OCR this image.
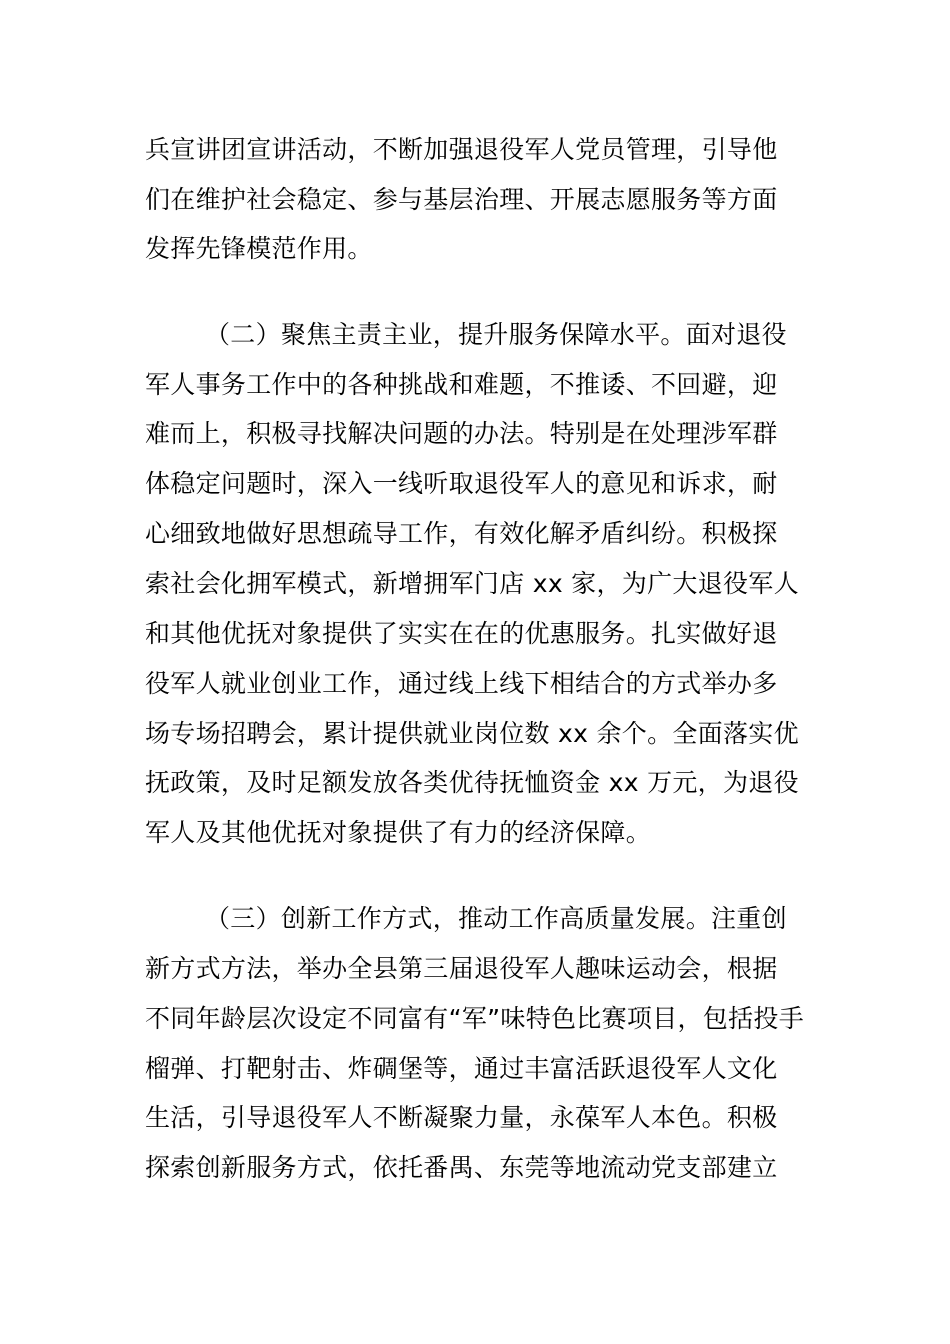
兵宣讲团宣讲活动，不断加强退役军人党员管理，引导他
们在维护社会稳定、参与基层治理、开展志愿服务等方面
发挥先锋模范作用。
（二）聚焦主责主业，提升服务保障水平。面对退役
军人事务工作中的各种挑战和难题，不推诿、不回避，迎
难而上，积极寻找解决问题的办法。特别是在处理涉军群
体稳定问题时，深入一线听取退役军人的意见和诉求，耐
心细致地做好思想疏导工作，有效化解矛盾纠纷。积极探
索社会化拥军模式，新增拥军门店 xx 家，为广大退役军人
和其他优抚对象提供了实实在在的优惠服务。扎实做好退
役军人就业创业工作，通过线上线下相结合的方式举办多
场专场招聘会，累计提供就业岗位数 xx 余个。全面落实优
抚政策，及时足额发放各类优待抚恤资金 xx 万元，为退役
军人及其他优抚对象提供了有力的经济保障。
（三）创新工作方式，推动工作高质量发展。注重创
新方式方法，举办全县第三届退役军人趣味运动会，根据
不同年龄层次设定不同富有“军”味特色比赛项目，包括投手
榴弹、打靶射击、炸碉堡等，通过丰富活跃退役军人文化
生活，引导退役军人不断凝聚力量，永葆军人本色。积极
探索创新服务方式，依托番禺、东莞等地流动党支部建立
